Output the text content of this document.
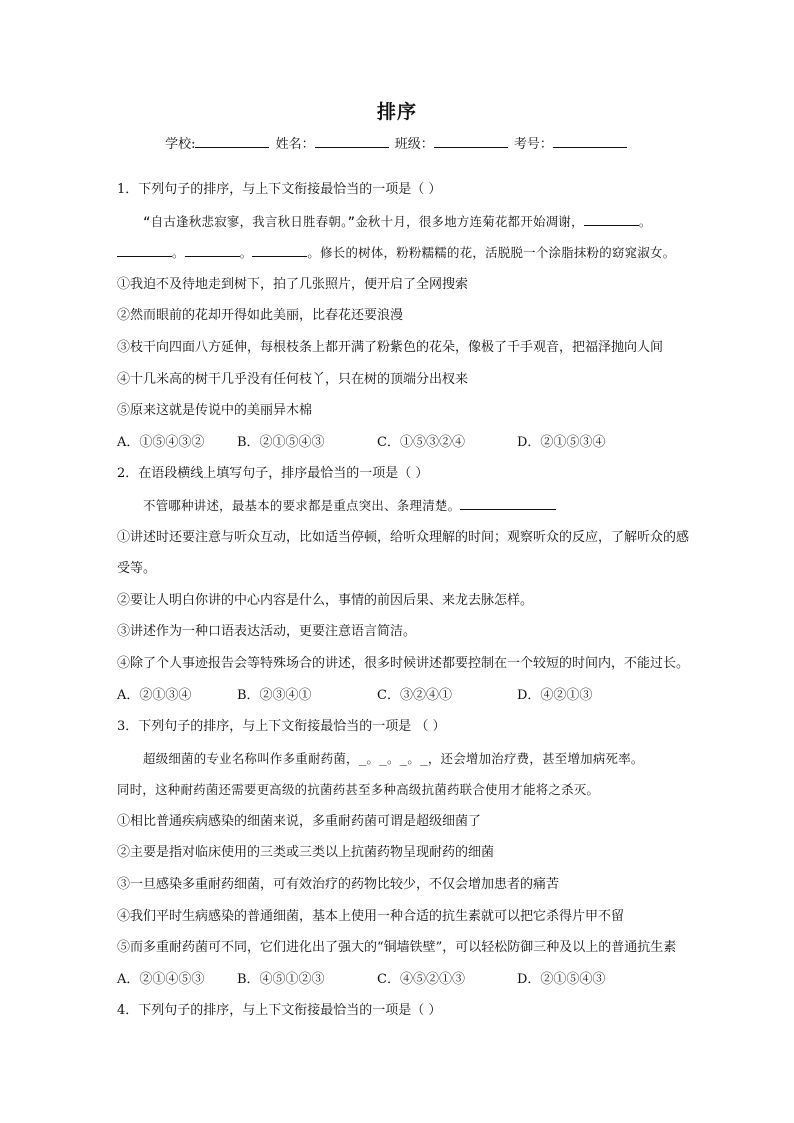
排序
学校:	姓名：	班级：	考号：
1．下列句子的排序，与上下文衔接最恰当的一项是（ ）
“自古逢秋悲寂寥，我言秋日胜春朝。”金秋十月，很多地方连菊花都开始凋谢，	。
。	。	。修长的树体，粉粉糯糯的花，活脱脱一个涂脂抹粉的窈窕淑女。
①我迫不及待地走到树下，拍了几张照片，便开启了全网搜索
②然而眼前的花却开得如此美丽，比春花还要浪漫
③枝干向四面八方延伸，每根枝条上都开满了粉紫色的花朵，像极了千手观音，把福泽抛向人间
④十几米高的树干几乎没有任何枝丫，只在树的顶端分出杈来
⑤原来这就是传说中的美丽异木棉
A．①⑤④③②	B．②①⑤④③	C．①⑤③②④	D．②①⑤③④
2．在语段横线上填写句子，排序最恰当的一项是（ ）
不管哪种讲述，最基本的要求都是重点突出、条理清楚。
①讲述时还要注意与听众互动，比如适当停顿，给听众理解的时间；观察听众的反应，了解听众的感
受等。
②要让人明白你讲的中心内容是什么，事情的前因后果、来龙去脉怎样。
③讲述作为一种口语表达活动，更要注意语言简洁。
④除了个人事迹报告会等特殊场合的讲述，很多时候讲述都要控制在一个较短的时间内，不能过长。
A．②①③④	B．②③④①	C．③②④①	D．④②①③
3．下列句子的排序，与上下文衔接最恰当的一项是 （ ）
超级细菌的专业名称叫作多重耐药菌，_。_。_。_，还会增加治疗费，甚至增加病死率。
同时，这种耐药菌还需要更高级的抗菌药甚至多种高级抗菌药联合使用才能将之杀灭。
①相比普通疾病感染的细菌来说，多重耐药菌可谓是超级细菌了
②主要是指对临床使用的三类或三类以上抗菌药物呈现耐药的细菌
③一旦感染多重耐药细菌，可有效治疗的药物比较少，不仅会增加患者的痛苦
④我们平时生病感染的普通细菌，基本上使用一种合适的抗生素就可以把它杀得片甲不留
⑤而多重耐药菌可不同，它们进化出了强大的“铜墙铁壁”，可以轻松防御三种及以上的普通抗生素
A．②①④⑤③	B．④⑤①②③	C．④⑤②①③	D．②①⑤④③
4．下列句子的排序，与上下文衔接最恰当的一项是（ ）
